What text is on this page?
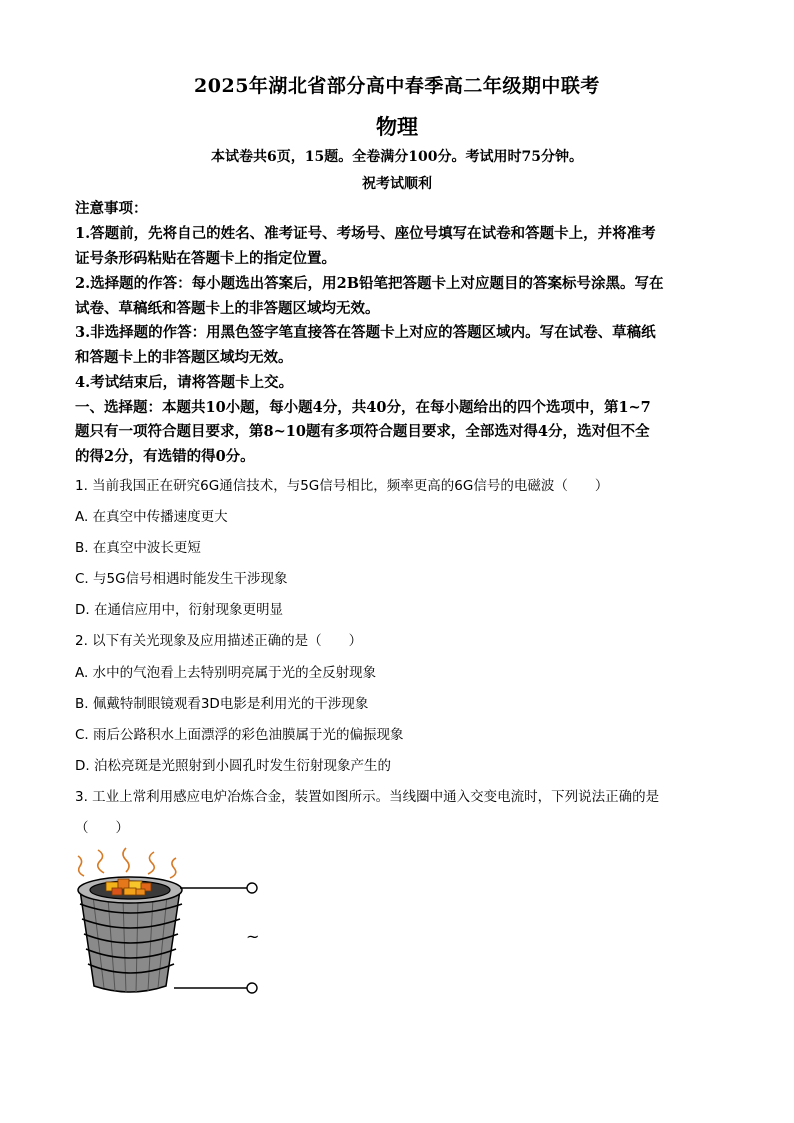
2025年湖北省部分高中春季高二年级期中联考
物理
本试卷共6页，15题。全卷满分100分。考试用时75分钟。
祝考试顺利
注意事项：
1.答题前，先将自己的姓名、准考证号、考场号、座位号填写在试卷和答题卡上，并将准考
证号条形码粘贴在答题卡上的指定位置。
2.选择题的作答：每小题选出答案后，用2B铅笔把答题卡上对应题目的答案标号涂黑。写在
试卷、草稿纸和答题卡上的非答题区域均无效。
3.非选择题的作答：用黑色签字笔直接答在答题卡上对应的答题区域内。写在试卷、草稿纸
和答题卡上的非答题区域均无效。
4.考试结束后，请将答题卡上交。
一、选择题：本题共10小题，每小题4分，共40分，在每小题给出的四个选项中，第1~7
题只有一项符合题目要求，第8~10题有多项符合题目要求，全部选对得4分，选对但不全
的得2分，有选错的得0分。
1. 当前我国正在研究6G通信技术，与5G信号相比，频率更高的6G信号的电磁波（　　）
A. 在真空中传播速度更大
B. 在真空中波长更短
C. 与5G信号相遇时能发生干涉现象
D. 在通信应用中，衍射现象更明显
2. 以下有关光现象及应用描述正确的是（　　）
A. 水中的气泡看上去特别明亮属于光的全反射现象
B. 佩戴特制眼镜观看3D电影是利用光的干涉现象
C. 雨后公路积水上面漂浮的彩色油膜属于光的偏振现象
D. 泊松亮斑是光照射到小圆孔时发生衍射现象产生的
3. 工业上常利用感应电炉冶炼合金，装置如图所示。当线圈中通入交变电流时，下列说法正确的是
（　　）
~
